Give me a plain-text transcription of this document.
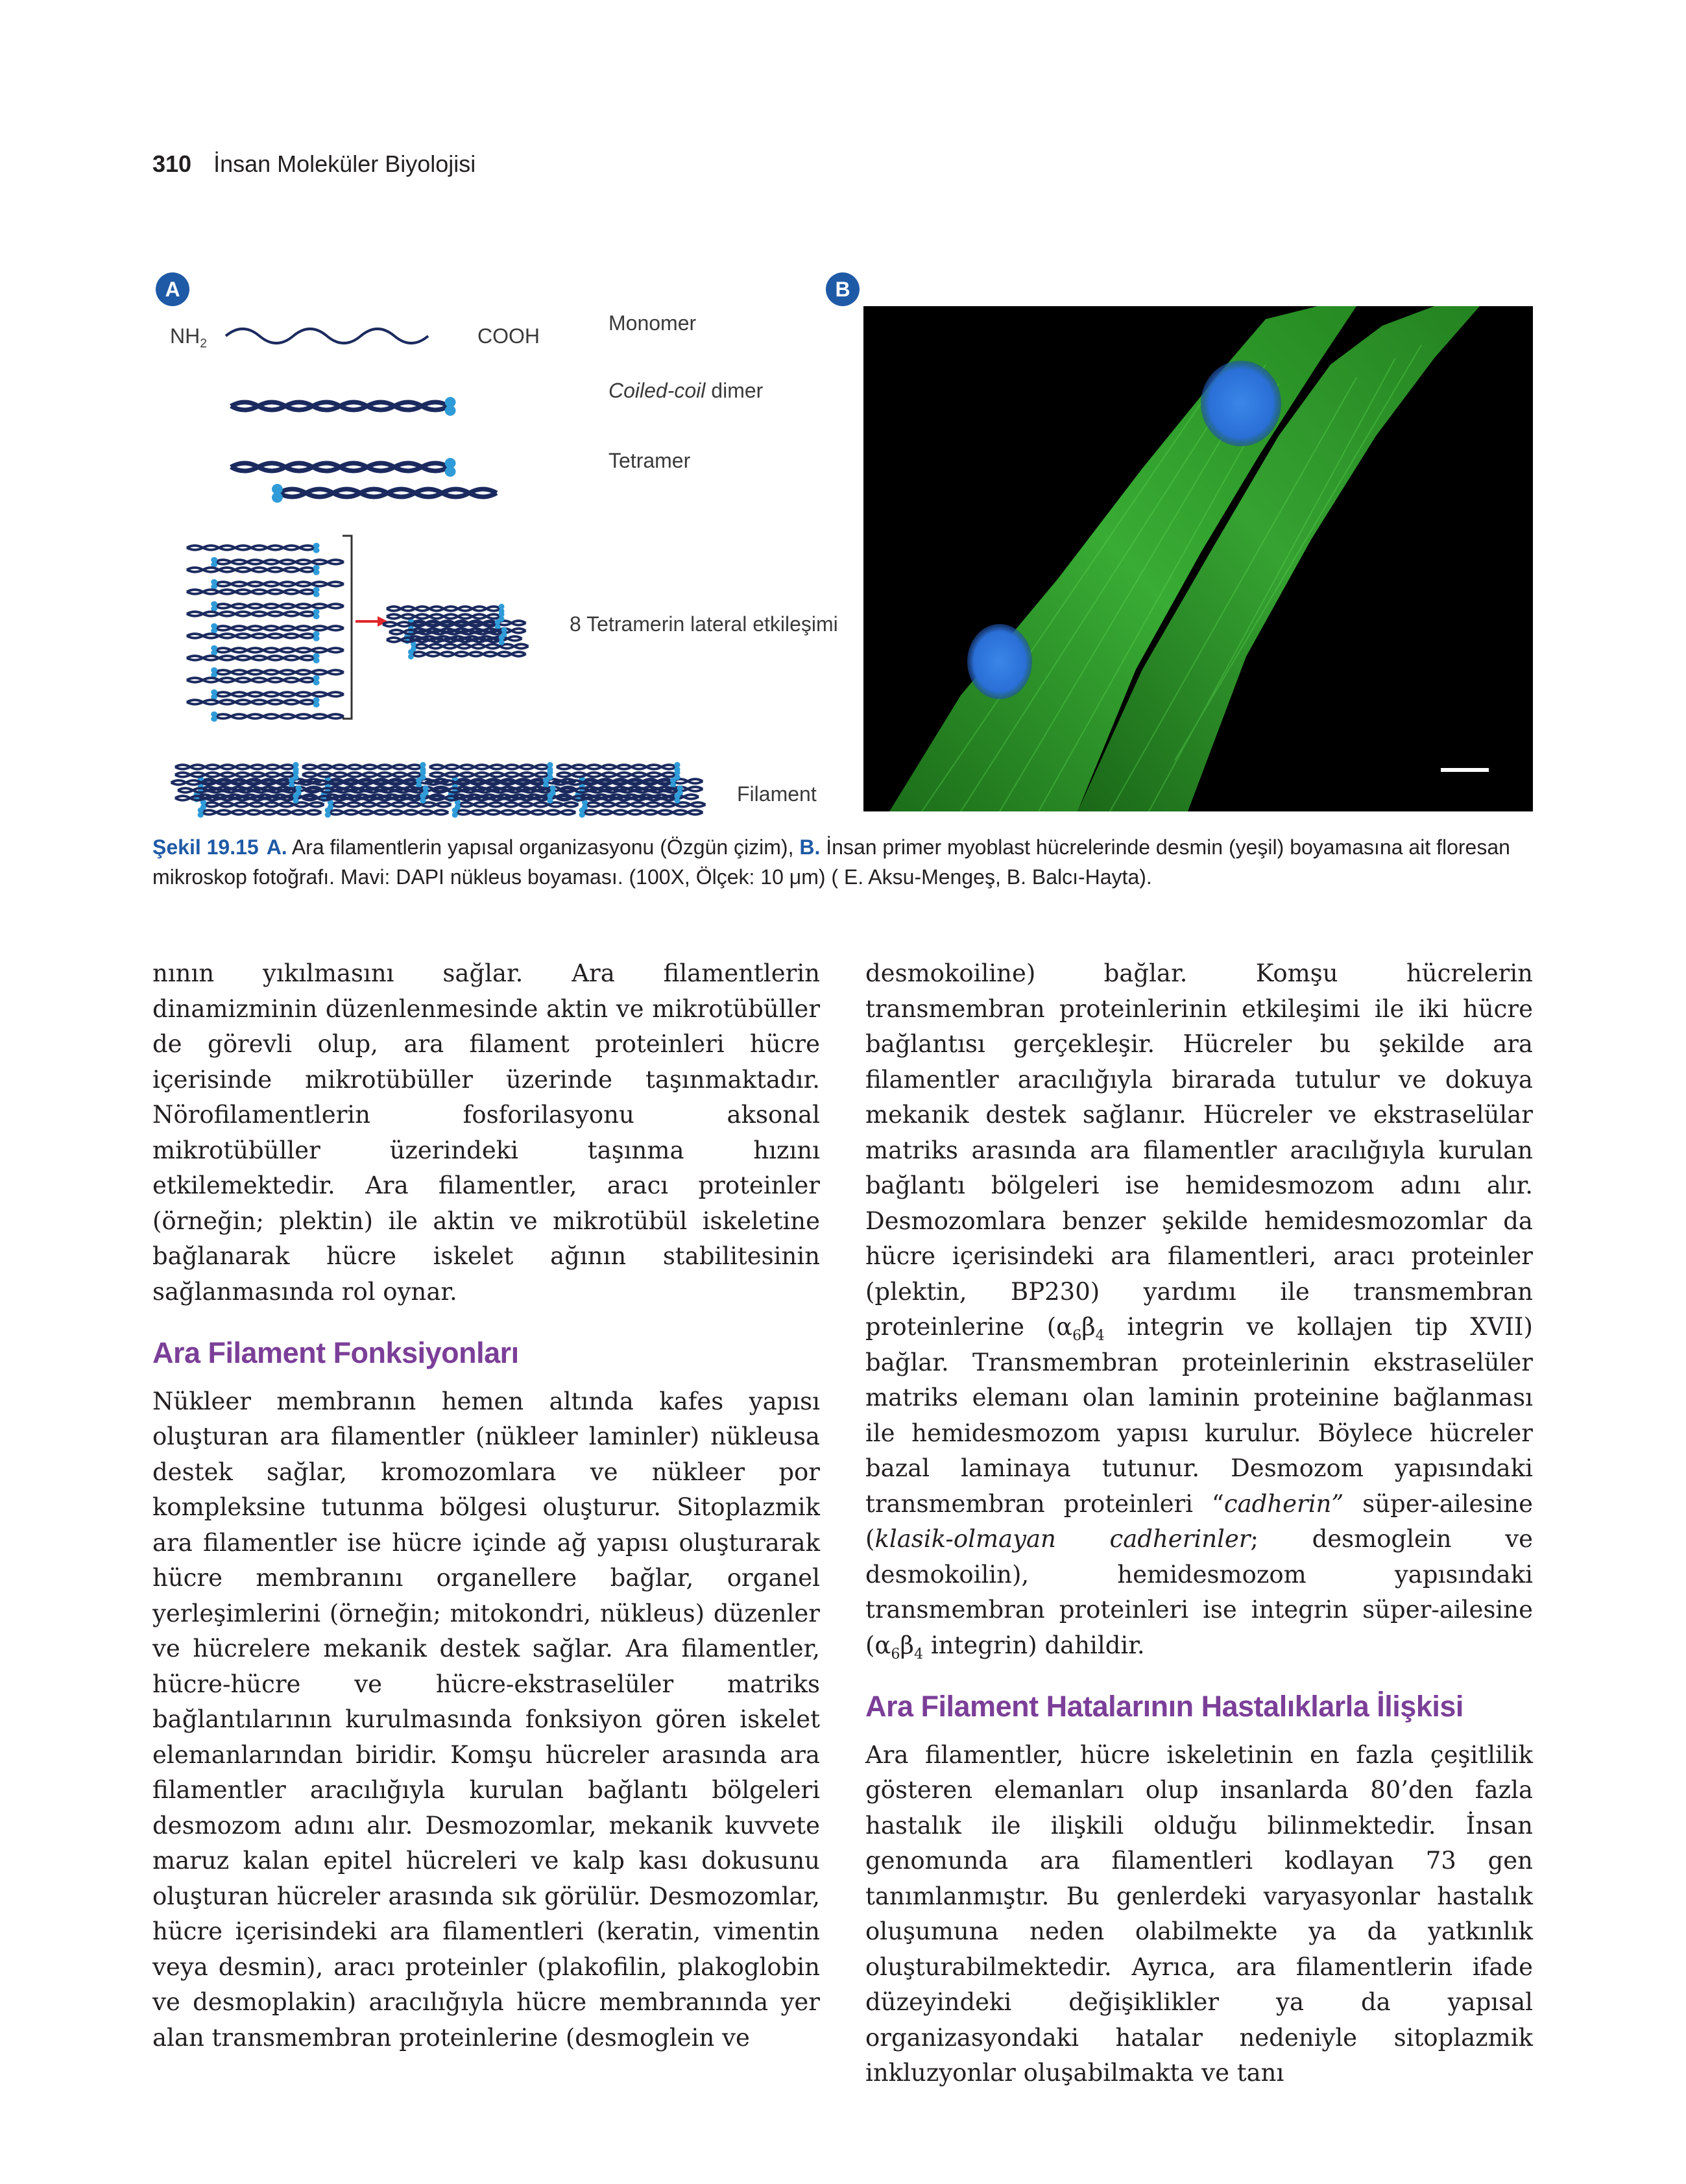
310 İnsan Moleküler Biyolojisi
A	B
$NH_2$	COOH
Monomer
Coiled-coil dimer
Tetramer
8 Tetramerin lateral etkileşimi
Filament
Şekil 19.15 A. Ara filamentlerin yapısal organizasyonu (Özgün çizim), B. İnsan primer myoblast hücrelerinde desmin (yeşil) boyamasına ait floresan mikroskop fotoğrafı. Mavi: DAPI nükleus boyaması. (100X, Ölçek: 10 μm) ( E. Aksu-Mengeş, B. Balcı-Hayta).

nının yıkılmasını sağlar. Ara filamentlerin dinamizminin düzenlenmesinde aktin ve mikrotübüller de görevli olup, ara filament proteinleri hücre içerisinde mikrotübüller üzerinde taşınmaktadır. Nörofilamentlerin fosforilasyonu aksonal mikrotübüller üzerindeki taşınma hızını etkilemektedir. Ara filamentler, aracı proteinler (örneğin; plektin) ile aktin ve mikrotübül iskeletine bağlanarak hücre iskelet ağının stabilitesinin sağlanmasında rol oynar.

Ara Filament Fonksiyonları

Nükleer membranın hemen altında kafes yapısı oluşturan ara filamentler (nükleer laminler) nükleusa destek sağlar, kromozomlara ve nükleer por kompleksine tutunma bölgesi oluşturur. Sitoplazmik ara filamentler ise hücre içinde ağ yapısı oluşturarak hücre membranını organellere bağlar, organel yerleşimlerini (örneğin; mitokondri, nükleus) düzenler ve hücrelere mekanik destek sağlar. Ara filamentler, hücre-hücre ve hücre-ekstraselüler matriks bağlantılarının kurulmasında fonksiyon gören iskelet elemanlarından biridir. Komşu hücreler arasında ara filamentler aracılığıyla kurulan bağlantı bölgeleri desmozom adını alır. Desmozomlar, mekanik kuvvete maruz kalan epitel hücreleri ve kalp kası dokusunu oluşturan hücreler arasında sık görülür. Desmozomlar, hücre içerisindeki ara filamentleri (keratin, vimentin veya desmin), aracı proteinler (plakofilin, plakoglobin ve desmoplakin) aracılığıyla hücre membranında yer alan transmembran proteinlerine (desmoglein ve

desmokoiline) bağlar. Komşu hücrelerin transmembran proteinlerinin etkileşimi ile iki hücre bağlantısı gerçekleşir. Hücreler bu şekilde ara filamentler aracılığıyla birarada tutulur ve dokuya mekanik destek sağlanır. Hücreler ve ekstraselülar matriks arasında ara filamentler aracılığıyla kurulan bağlantı bölgeleri ise hemidesmozom adını alır. Desmozomlara benzer şekilde hemidesmozomlar da hücre içerisindeki ara filamentleri, aracı proteinler (plektin, BP230) yardımı ile transmembran proteinlerine ($\alpha_6\beta_4$ integrin ve kollajen tip XVII) bağlar. Transmembran proteinlerinin ekstraselüler matriks elemanı olan laminin proteinine bağlanması ile hemidesmozom yapısı kurulur. Böylece hücreler bazal laminaya tutunur. Desmozom yapısındaki transmembran proteinleri “cadherin” süper-ailesine (klasik-olmayan cadherinler; desmoglein ve desmokoilin), hemidesmozom yapısındaki transmembran proteinleri ise integrin süper-ailesine ($\alpha_6\beta_4$ integrin) dahildir.

Ara Filament Hatalarının Hastalıklarla İlişkisi

Ara filamentler, hücre iskeletinin en fazla çeşitlilik gösteren elemanları olup insanlarda 80’den fazla hastalık ile ilişkili olduğu bilinmektedir. İnsan genomunda ara filamentleri kodlayan 73 gen tanımlanmıştır. Bu genlerdeki varyasyonlar hastalık oluşumuna neden olabilmekte ya da yatkınlık oluşturabilmektedir. Ayrıca, ara filamentlerin ifade düzeyindeki değişiklikler ya da yapısal organizasyondaki hatalar nedeniyle sitoplazmik inkluzyonlar oluşabilmakta ve tanı
